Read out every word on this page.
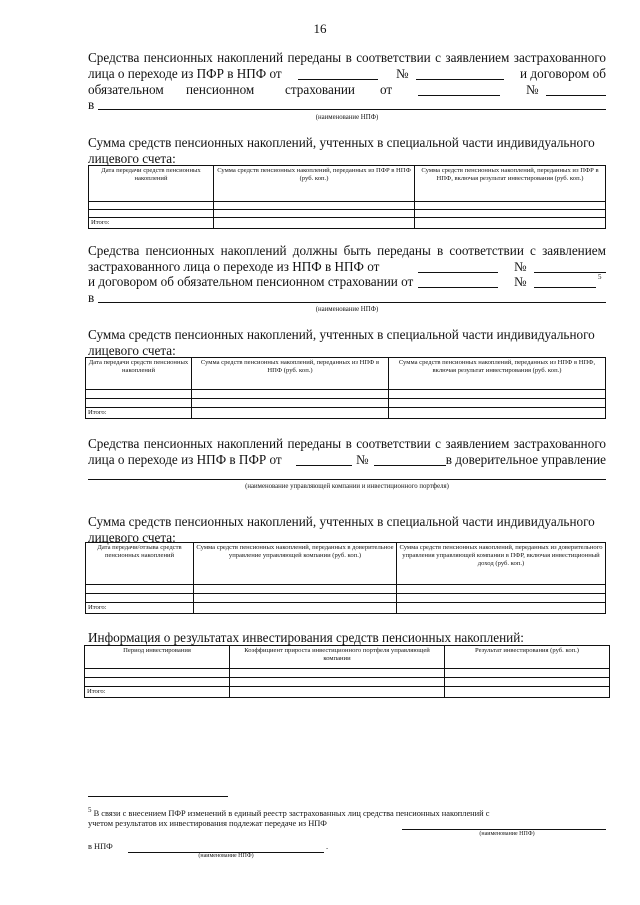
16
Средства пенсионных накоплений переданы в соответствии с заявлением застрахованного
лица о переходе из ПФР в НПФ от	№	и договором об
обязательном пенсионном страховании от	№
в
(наименование НПФ)
Сумма средств пенсионных накоплений, учтенных в специальной части индивидуального
лицевого счета:
Дата передачи средств пенсионных накоплений	Сумма средств пенсионных накоплений, переданных из ПФР в НПФ (руб. коп.)	Сумма средств пенсионных накоплений, переданных из ПФР в НПФ, включая результат инвестирования (руб. коп.)

Итого:		
Средства пенсионных накоплений должны быть переданы в соответствии с заявлением
застрахованного лица о переходе из НПФ в НПФ от	№
и договором об обязательном пенсионном страховании от	№	5
в
(наименование НПФ)
Сумма средств пенсионных накоплений, учтенных в специальной части индивидуального
лицевого счета:
Дата передачи средств пенсионных накоплений	Сумма средств пенсионных накоплений, переданных из НПФ в НПФ (руб. коп.)	Сумма средств пенсионных накоплений, переданных из НПФ в НПФ, включая результат инвестирования (руб. коп.)

Итого:		
Средства пенсионных накоплений переданы в соответствии с заявлением застрахованного
лица о переходе из НПФ в ПФР от	№	в доверительное управление
(наименование управляющей компании и инвестиционного портфеля)
Сумма средств пенсионных накоплений, учтенных в специальной части индивидуального
лицевого счета:
Дата передачи/отзыва средств пенсионных накоплений	Сумма средств пенсионных накоплений, переданных в доверительное управление управляющей компании (руб. коп.)	Сумма средств пенсионных накоплений, переданных из доверительного управления управляющей компании в ПФР, включая инвестиционный доход (руб. коп.)

Итого:		
Информация о результатах инвестирования средств пенсионных накоплений:
Период инвестирования	Коэффициент прироста инвестиционного портфеля управляющей компании	Результат инвестирования (руб. коп.)

Итого:		
$^5$ В связи с внесением ПФР изменений в единый реестр застрахованных лиц средства пенсионных накоплений с
учетом результатов их инвестирования подлежат передаче из НПФ
(наименование НПФ)
в НПФ	.
(наименование НПФ)
